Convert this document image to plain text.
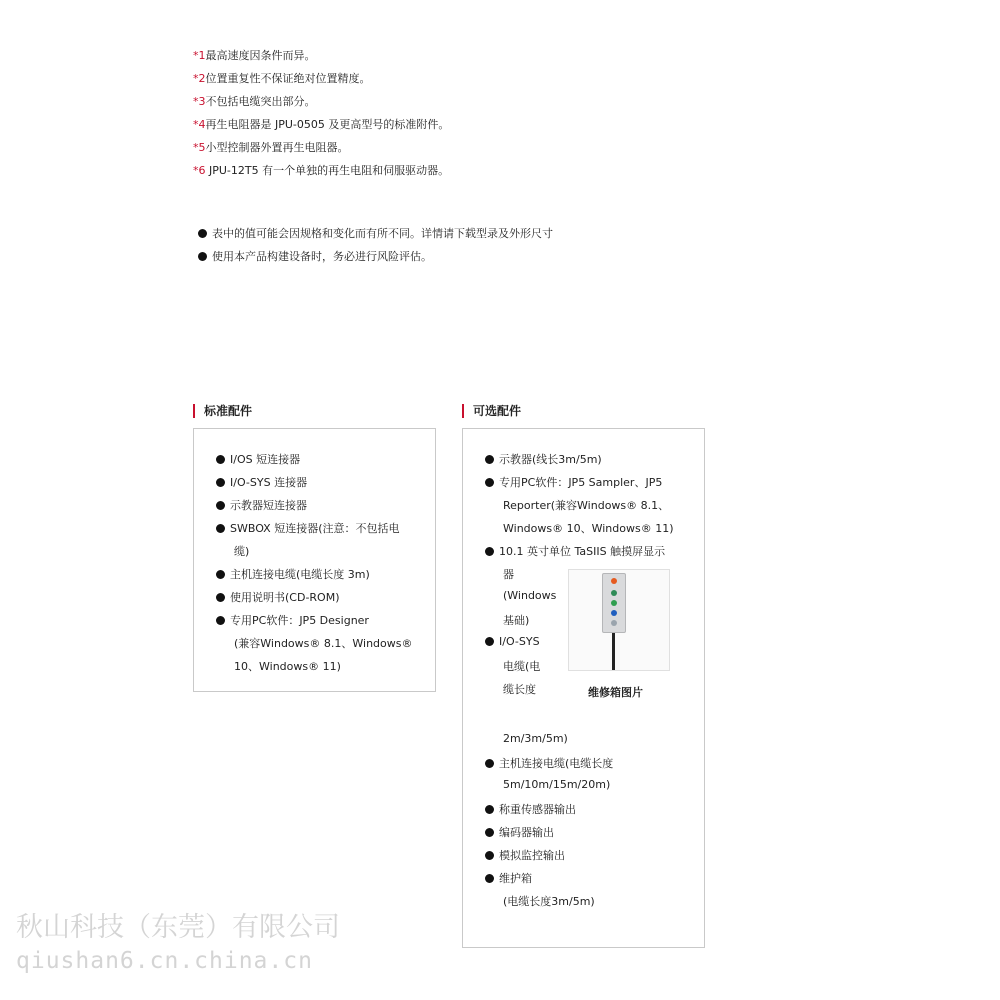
*1最高速度因条件而异。
*2位置重复性不保证绝对位置精度。
*3不包括电缆突出部分。
*4再生电阻器是 JPU-0505 及更高型号的标准附件。
*5小型控制器外置再生电阻器。
*6 JPU-12T5 有一个单独的再生电阻和伺服驱动器。
表中的值可能会因规格和变化而有所不同。详情请下载型录及外形尺寸
使用本产品构建设备时，务必进行风险评估。
标准配件
I/OS 短连接器
I/O-SYS 连接器
示教器短连接器
SWBOX 短连接器(注意：不包括电
缆)
主机连接电缆(电缆长度 3m)
使用说明书(CD-ROM)
专用PC软件：JP5 Designer
(兼容Windows® 8.1、Windows®
10、Windows® 11)
可选配件
示教器(线长3m/5m)
专用PC软件：JP5 Sampler、JP5
Reporter(兼容Windows® 8.1、
Windows® 10、Windows® 11)
10.1 英寸单位 TaSIIS 触摸屏显示
器
(Windows
基础)
I/O-SYS
电缆(电
缆长度
2m/3m/5m)
主机连接电缆(电缆长度
5m/10m/15m/20m)
称重传感器输出
编码器输出
模拟监控输出
维护箱
(电缆长度3m/5m)
维修箱图片
秋山科技（东莞）有限公司
qiushan6.cn.china.cn
